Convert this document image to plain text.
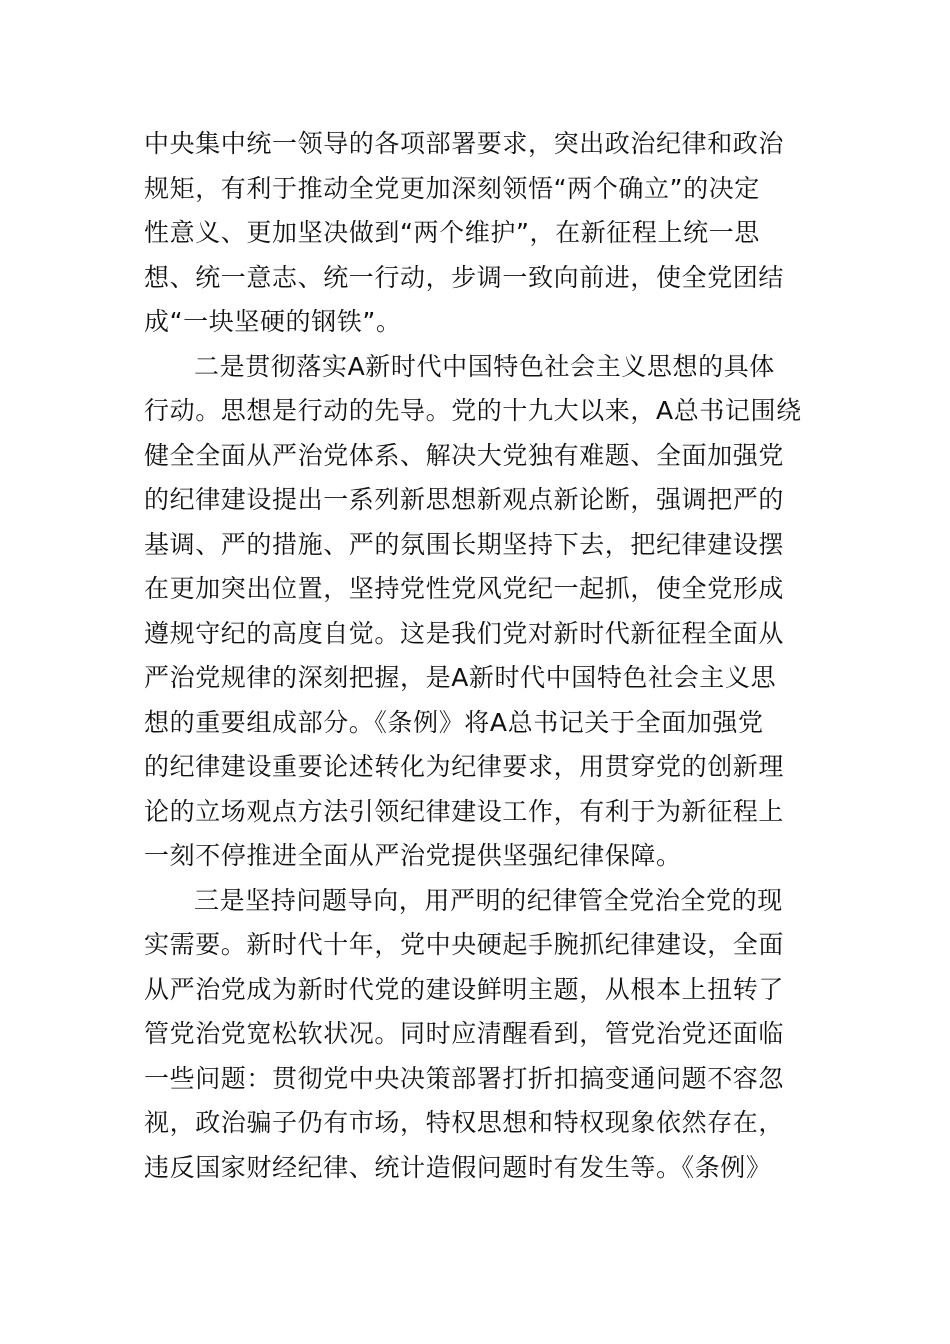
中央集中统一领导的各项部署要求，突出政治纪律和政治
规矩，有利于推动全党更加深刻领悟“两个确立”的决定
性意义、更加坚决做到“两个维护”，在新征程上统一思
想、统一意志、统一行动，步调一致向前进，使全党团结
成“一块坚硬的钢铁”。
二是贯彻落实A新时代中国特色社会主义思想的具体
行动。思想是行动的先导。党的十九大以来，A总书记围绕
健全全面从严治党体系、解决大党独有难题、全面加强党
的纪律建设提出一系列新思想新观点新论断，强调把严的
基调、严的措施、严的氛围长期坚持下去，把纪律建设摆
在更加突出位置，坚持党性党风党纪一起抓，使全党形成
遵规守纪的高度自觉。这是我们党对新时代新征程全面从
严治党规律的深刻把握，是A新时代中国特色社会主义思
想的重要组成部分。《条例》将A总书记关于全面加强党
的纪律建设重要论述转化为纪律要求，用贯穿党的创新理
论的立场观点方法引领纪律建设工作，有利于为新征程上
一刻不停推进全面从严治党提供坚强纪律保障。
三是坚持问题导向，用严明的纪律管全党治全党的现
实需要。新时代十年，党中央硬起手腕抓纪律建设，全面
从严治党成为新时代党的建设鲜明主题，从根本上扭转了
管党治党宽松软状况。同时应清醒看到，管党治党还面临
一些问题：贯彻党中央决策部署打折扣搞变通问题不容忽
视，政治骗子仍有市场，特权思想和特权现象依然存在，
违反国家财经纪律、统计造假问题时有发生等。《条例》
